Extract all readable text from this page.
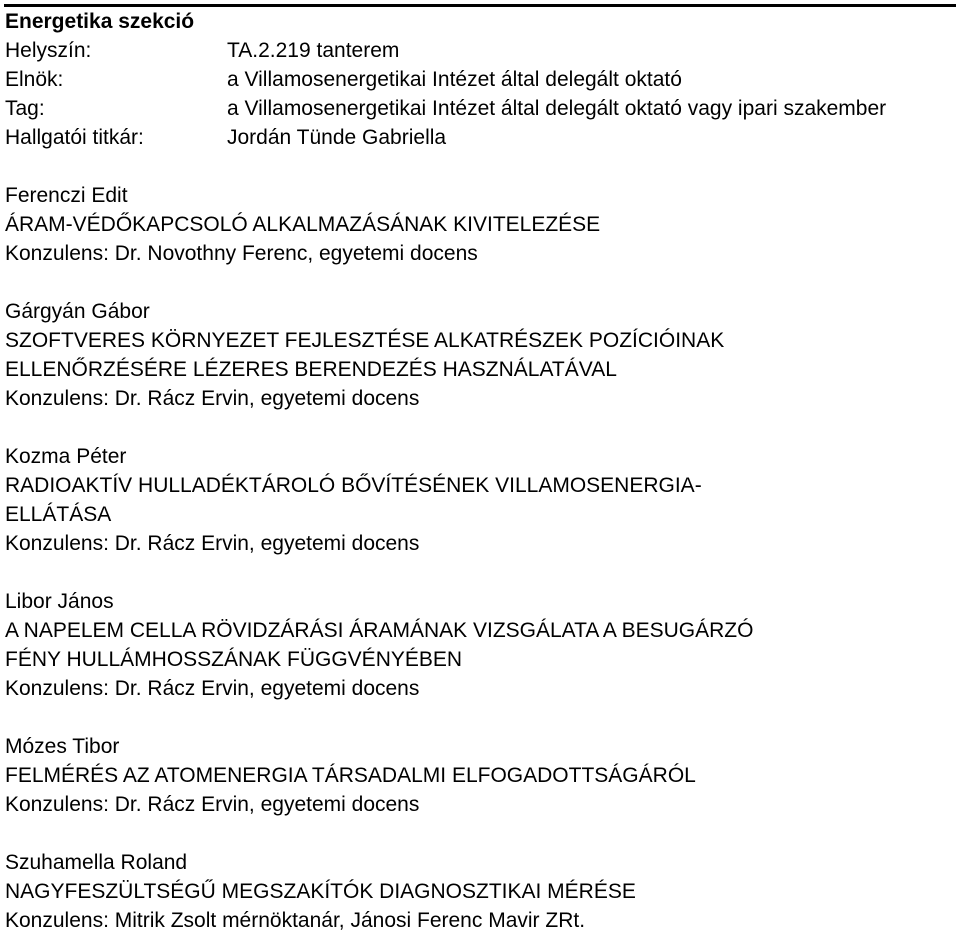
Energetika szekció
Helyszín:	TA.2.219 tanterem
Elnök:	a Villamosenergetikai Intézet által delegált oktató
Tag:	a Villamosenergetikai Intézet által delegált oktató vagy ipari szakember
Hallgatói titkár:	Jordán Tünde Gabriella
Ferenczi Edit
ÁRAM-VÉDŐKAPCSOLÓ ALKALMAZÁSÁNAK KIVITELEZÉSE
Konzulens: Dr. Novothny Ferenc, egyetemi docens
Gárgyán Gábor
SZOFTVERES KÖRNYEZET FEJLESZTÉSE ALKATRÉSZEK POZÍCIÓINAK
ELLENŐRZÉSÉRE LÉZERES BERENDEZÉS HASZNÁLATÁVAL
Konzulens: Dr. Rácz Ervin, egyetemi docens
Kozma Péter
RADIOAKTÍV HULLADÉKTÁROLÓ BŐVÍTÉSÉNEK VILLAMOSENERGIA-
ELLÁTÁSA
Konzulens: Dr. Rácz Ervin, egyetemi docens
Libor János
A NAPELEM CELLA RÖVIDZÁRÁSI ÁRAMÁNAK VIZSGÁLATA A BESUGÁRZÓ
FÉNY HULLÁMHOSSZÁNAK FÜGGVÉNYÉBEN
Konzulens: Dr. Rácz Ervin, egyetemi docens
Mózes Tibor
FELMÉRÉS AZ ATOMENERGIA TÁRSADALMI ELFOGADOTTSÁGÁRÓL
Konzulens: Dr. Rácz Ervin, egyetemi docens
Szuhamella Roland
NAGYFESZÜLTSÉGŰ MEGSZAKÍTÓK DIAGNOSZTIKAI MÉRÉSE
Konzulens: Mitrik Zsolt mérnöktanár, Jánosi Ferenc Mavir ZRt.
